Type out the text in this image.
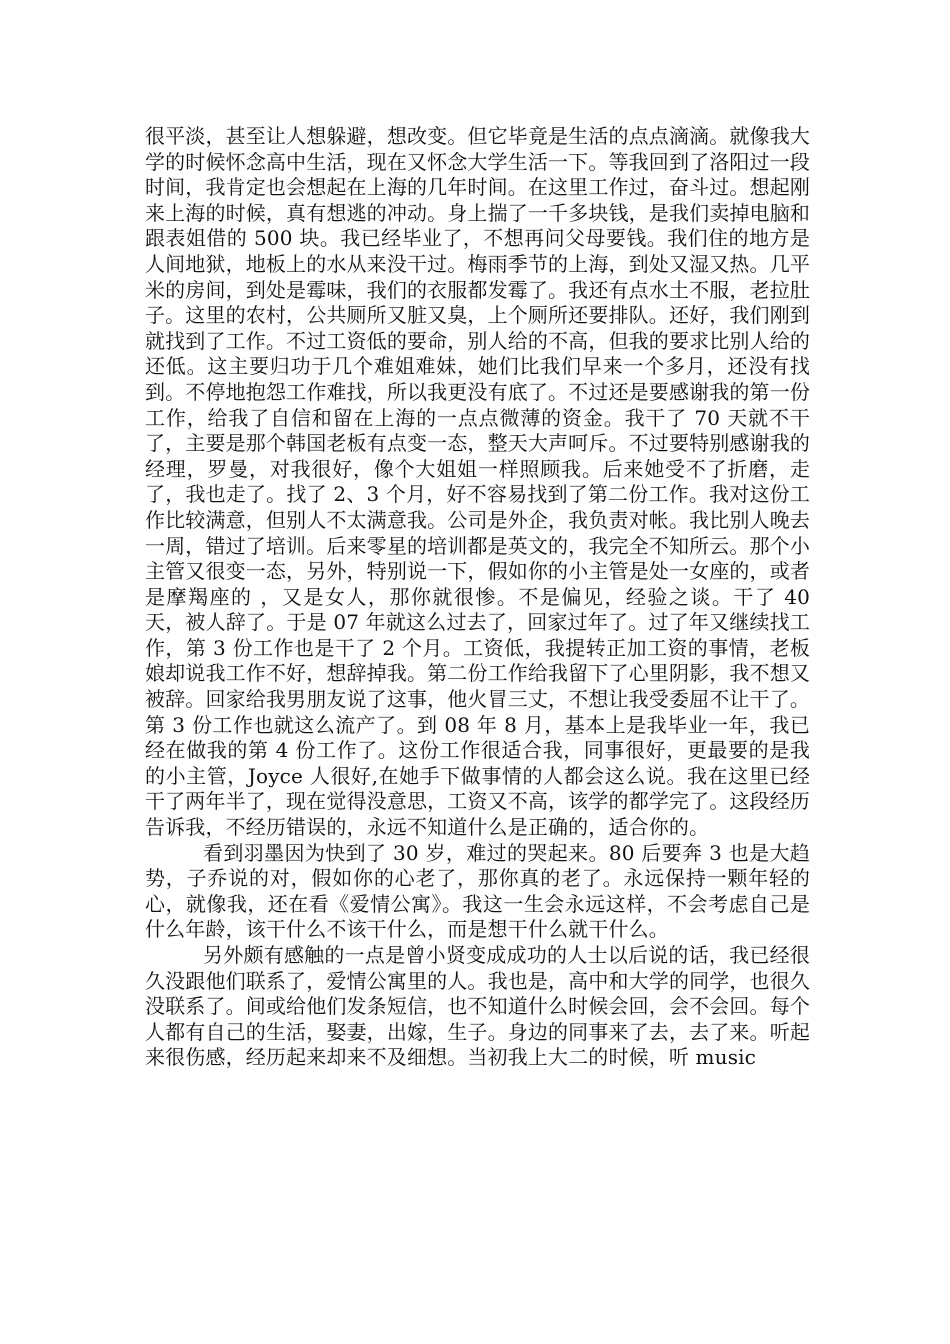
很平淡，甚至让人想躲避，想改变。但它毕竟是生活的点点滴滴。就像我大学的时候怀念高中生活，现在又怀念大学生活一下。等我回到了洛阳过一段时间，我肯定也会想起在上海的几年时间。在这里工作过，奋斗过。想起刚来上海的时候，真有想逃的冲动。身上揣了一千多块钱，是我们卖掉电脑和跟表姐借的 500 块。我已经毕业了，不想再问父母要钱。我们住的地方是人间地狱，地板上的水从来没干过。梅雨季节的上海，到处又湿又热。几平米的房间，到处是霉味，我们的衣服都发霉了。我还有点水土不服，老拉肚子。这里的农村，公共厕所又脏又臭，上个厕所还要排队。还好，我们刚到就找到了工作。不过工资低的要命，别人给的不高，但我的要求比别人给的还低。这主要归功于几个难姐难妹，她们比我们早来一个多月，还没有找到。不停地抱怨工作难找，所以我更没有底了。不过还是要感谢我的第一份工作，给我了自信和留在上海的一点点微薄的资金。我干了 70 天就不干了，主要是那个韩国老板有点变一态，整天大声呵斥。不过要特别感谢我的经理，罗曼，对我很好，像个大姐姐一样照顾我。后来她受不了折磨，走了，我也走了。找了 2、3 个月，好不容易找到了第二份工作。我对这份工作比较满意，但别人不太满意我。公司是外企，我负责对帐。我比别人晚去一周，错过了培训。后来零星的培训都是英文的，我完全不知所云。那个小主管又很变一态，另外，特别说一下，假如你的小主管是处一女座的，或者是摩羯座的 ，又是女人，那你就很惨。不是偏见，经验之谈。干了 40 天，被人辞了。于是 07 年就这么过去了，回家过年了。过了年又继续找工作，第 3 份工作也是干了 2 个月。工资低，我提转正加工资的事情，老板娘却说我工作不好，想辞掉我。第二份工作给我留下了心里阴影，我不想又被辞。回家给我男朋友说了这事，他火冒三丈，不想让我受委屈不让干了。第 3 份工作也就这么流产了。到 08 年 8 月，基本上是我毕业一年，我已经在做我的第 4 份工作了。这份工作很适合我，同事很好，更最要的是我的小主管，Joyce 人很好,在她手下做事情的人都会这么说。我在这里已经干了两年半了，现在觉得没意思，工资又不高，该学的都学完了。这段经历告诉我，不经历错误的，永远不知道什么是正确的，适合你的。

看到羽墨因为快到了 30 岁，难过的哭起来。80 后要奔 3 也是大趋势，子乔说的对，假如你的心老了，那你真的老了。永远保持一颗年轻的心，就像我，还在看《爱情公寓》。我这一生会永远这样，不会考虑自己是什么年龄，该干什么不该干什么，而是想干什么就干什么。

另外颇有感触的一点是曾小贤变成成功的人士以后说的话，我已经很久没跟他们联系了，爱情公寓里的人。我也是，高中和大学的同学，也很久没联系了。间或给他们发条短信，也不知道什么时候会回，会不会回。每个人都有自己的生活，娶妻，出嫁，生子。身边的同事来了去，去了来。听起来很伤感，经历起来却来不及细想。当初我上大二的时候，听 music
